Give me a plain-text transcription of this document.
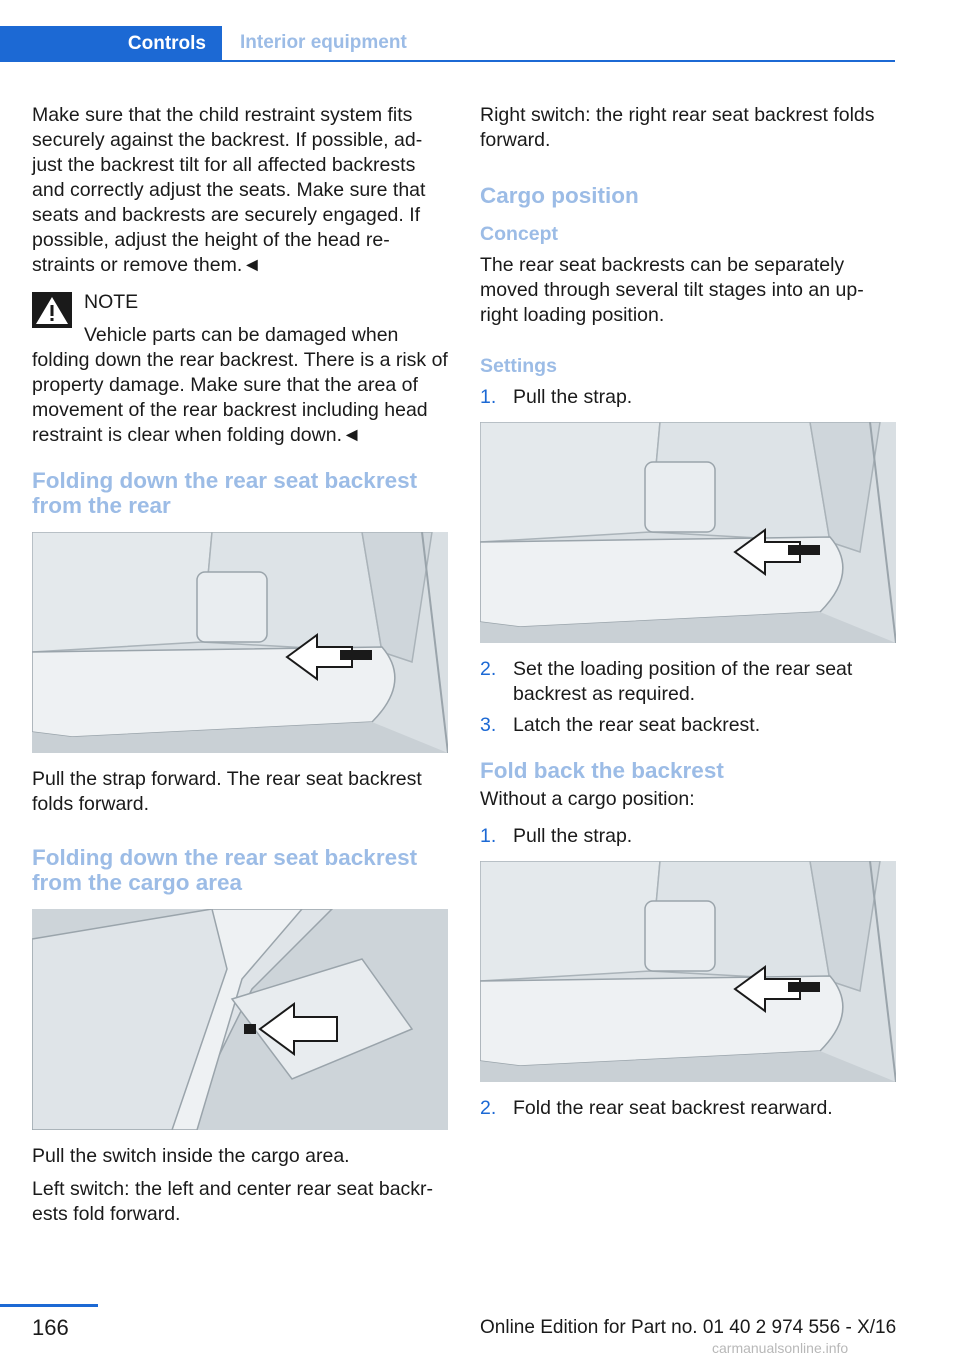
Controls Interior equipment

Make sure that the child restraint system fits securely against the backrest. If possible, ad-just the backrest tilt for all affected backrests and correctly adjust the seats. Make sure that seats and backrests are securely engaged. If possible, adjust the height of the head re-straints or remove them.◄

NOTE

Vehicle parts can be damaged when folding down the rear backrest. There is a risk of property damage. Make sure that the area of movement of the rear backrest including head restraint is clear when folding down.◄

Folding down the rear seat backrest from the rear

Pull the strap forward. The rear seat backrest folds forward.

Folding down the rear seat backrest from the cargo area

Pull the switch inside the cargo area.

Left switch: the left and center rear seat backr-ests fold forward.

Right switch: the right rear seat backrest folds forward.

Cargo position
Concept

The rear seat backrests can be separately moved through several tilt stages into an up-right loading position.

Settings
1. Pull the strap.
2. Set the loading position of the rear seat backrest as required.
3. Latch the rear seat backrest.
Fold back the backrest

Without a cargo position:

1. Pull the strap.
2. Fold the rear seat backrest rearward.
166	Online Edition for Part no. 01 40 2 974 556 - X/16
carmanualsonline.info
